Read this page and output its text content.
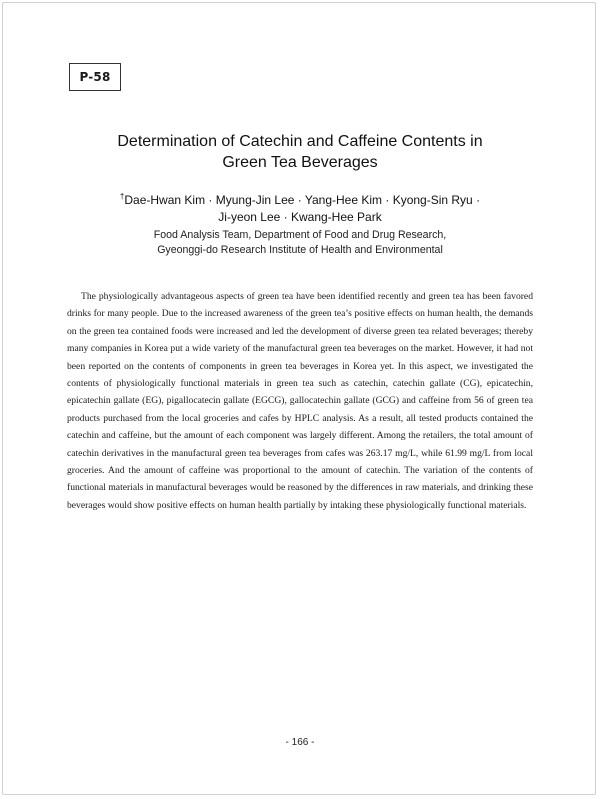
P-58
Determination of Catechin and Caffeine Contents in
Green Tea Beverages
†Dae-Hwan Kim · Myung-Jin Lee · Yang-Hee Kim · Kyong-Sin Ryu ·
Ji-yeon Lee · Kwang-Hee Park
Food Analysis Team, Department of Food and Drug Research,
Gyeonggi-do Research Institute of Health and Environmental

The physiologically advantageous aspects of green tea have been identified recently and green tea has been favored drinks for many people. Due to the increased awareness of the green tea’s positive effects on human health, the demands on the green tea contained foods were increased and led the development of diverse green tea related beverages; thereby many companies in Korea put a wide variety of the manufactural green tea beverages on the market. However, it had not been reported on the contents of components in green tea beverages in Korea yet. In this aspect, we investigated the contents of physiologically functional materials in green tea such as catechin, catechin gallate (CG), epicatechin, epicatechin gallate (EG), pigallocatecin gallate (EGCG), gallocatechin gallate (GCG) and caffeine from 56 of green tea products purchased from the local groceries and cafes by HPLC analysis. As a result, all tested products contained the catechin and caffeine, but the amount of each component was largely different. Among the retailers, the total amount of catechin derivatives in the manufactural green tea beverages from cafes was 263.17 mg/L, while 61.99 mg/L from local groceries. And the amount of caffeine was proportional to the amount of catechin. The variation of the contents of functional materials in manufactural beverages would be reasoned by the differences in raw materials, and drinking these beverages would show positive effects on human health partially by intaking these physiologically functional materials.

- 166 -
